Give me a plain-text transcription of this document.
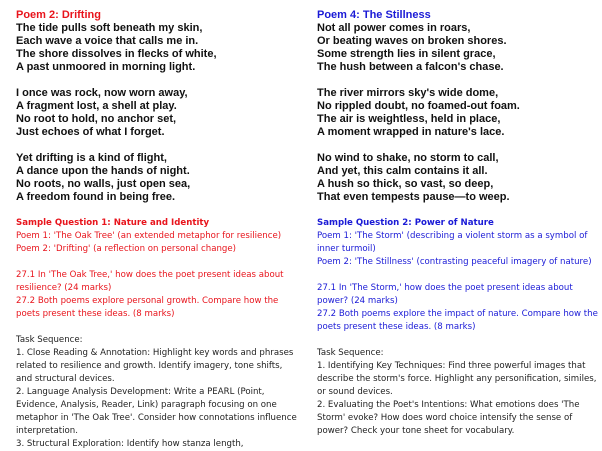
Poem 2: Drifting
The tide pulls soft beneath my skin,
Each wave a voice that calls me in.
The shore dissolves in flecks of white,
A past unmoored in morning light.
I once was rock, now worn away,
A fragment lost, a shell at play.
No root to hold, no anchor set,
Just echoes of what I forget.
Yet drifting is a kind of flight,
A dance upon the hands of night.
No roots, no walls, just open sea,
A freedom found in being free.
Sample Question 1: Nature and Identity
Poem 1: 'The Oak Tree' (an extended metaphor for resilience)
Poem 2: 'Drifting' (a reflection on personal change)
27.1 In 'The Oak Tree,' how does the poet present ideas about resilience? (24 marks)
27.2 Both poems explore personal growth. Compare how the poets present these ideas. (8 marks)
Task Sequence:
1. Close Reading & Annotation: Highlight key words and phrases related to resilience and growth. Identify imagery, tone shifts, and structural devices.
2. Language Analysis Development: Write a PEARL (Point, Evidence, Analysis, Reader, Link) paragraph focusing on one metaphor in 'The Oak Tree'. Consider how connotations influence interpretation.
3. Structural Exploration: Identify how stanza length,
Poem 4: The Stillness
Not all power comes in roars,
Or beating waves on broken shores.
Some strength lies in silent grace,
The hush between a falcon's chase.
The river mirrors sky's wide dome,
No rippled doubt, no foamed-out foam.
The air is weightless, held in place,
A moment wrapped in nature's lace.
No wind to shake, no storm to call,
And yet, this calm contains it all.
A hush so thick, so vast, so deep,
That even tempests pause—to weep.
Sample Question 2: Power of Nature
Poem 1: 'The Storm' (describing a violent storm as a symbol of inner turmoil)
Poem 2: 'The Stillness' (contrasting peaceful imagery of nature)
27.1 In 'The Storm,' how does the poet present ideas about power? (24 marks)
27.2 Both poems explore the impact of nature. Compare how the poets present these ideas. (8 marks)
Task Sequence:
1. Identifying Key Techniques: Find three powerful images that describe the storm's force. Highlight any personification, similes, or sound devices.
2. Evaluating the Poet's Intentions: What emotions does 'The Storm' evoke? How does word choice intensify the sense of power? Check your tone sheet for vocabulary.
